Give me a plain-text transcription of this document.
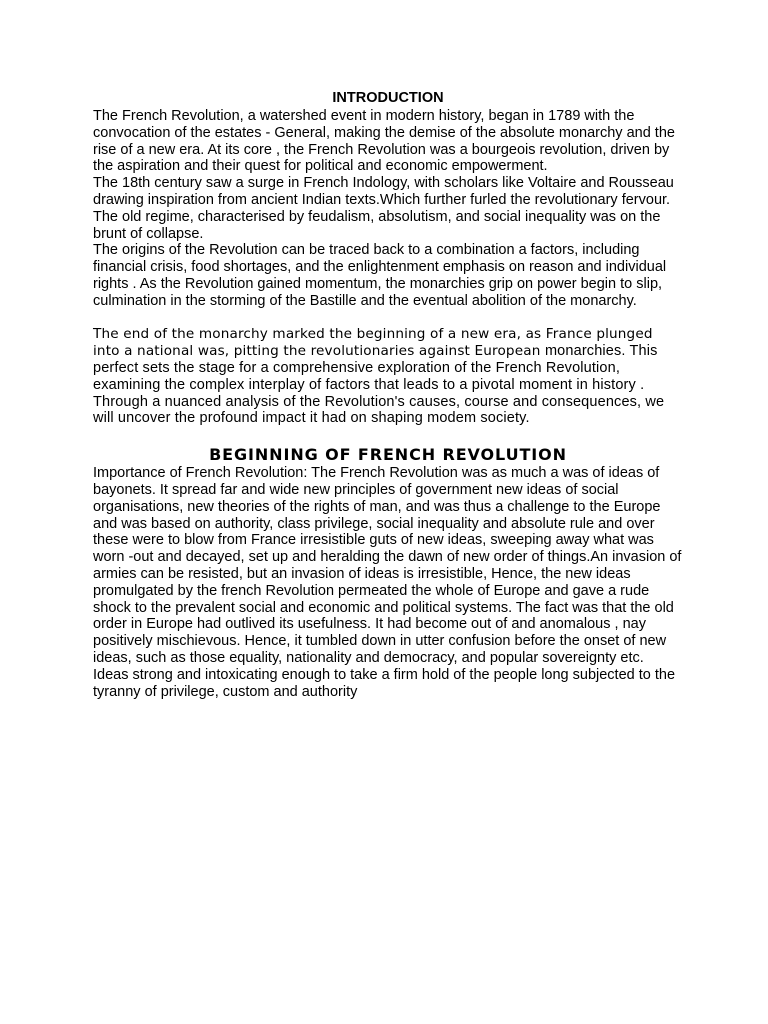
INTRODUCTION

The French Revolution, a watershed event in modern history, began in 1789 with the convocation of the estates - General, making the demise of the absolute monarchy and the rise of a new era. At its core , the French Revolution was a bourgeois revolution, driven by the aspiration and their quest for political and economic empowerment.

The 18th century saw a surge in French Indology, with scholars like Voltaire and Rousseau drawing inspiration from ancient Indian texts.Which further furled the revolutionary fervour.

The old regime, characterised by feudalism, absolutism, and social inequality was on the brunt of collapse.

The origins of the Revolution can be traced back to a combination a factors, including financial crisis, food shortages, and the enlightenment emphasis on reason and individual rights . As the Revolution gained momentum, the monarchies grip on power begin to slip, culmination in the storming of the Bastille and the eventual abolition of the monarchy.

The end of the monarchy marked the beginning of a new era, as France plunged into a national was, pitting the revolutionaries against European monarchies. This perfect sets the stage for a comprehensive exploration of the French Revolution, examining the complex interplay of factors that leads to a pivotal moment in history . Through a nuanced analysis of the Revolution's causes, course and consequences, we will uncover the profound impact it had on shaping modem society.

BEGINNING OF FRENCH REVOLUTION

Importance of French Revolution: The French Revolution was as much a was of ideas of bayonets. It spread far and wide new principles of government new ideas of social organisations, new theories of the rights of man, and was thus a challenge to the Europe and was based on authority, class privilege, social inequality and absolute rule and over these were to blow from France irresistible guts of new ideas, sweeping away what was worn -out and decayed, set up and heralding the dawn of new order of things.An invasion of armies can be resisted, but an invasion of ideas is irresistible, Hence, the new ideas promulgated by the french Revolution permeated the whole of Europe and gave a rude shock to the prevalent social and economic and political systems. The fact was that the old order in Europe had outlived its usefulness. It had become out of and anomalous , nay positively mischievous. Hence, it tumbled down in utter confusion before the onset of new ideas, such as those equality, nationality and democracy, and popular sovereignty etc. Ideas strong and intoxicating enough to take a firm hold of the people long subjected to the tyranny of privilege, custom and authority
